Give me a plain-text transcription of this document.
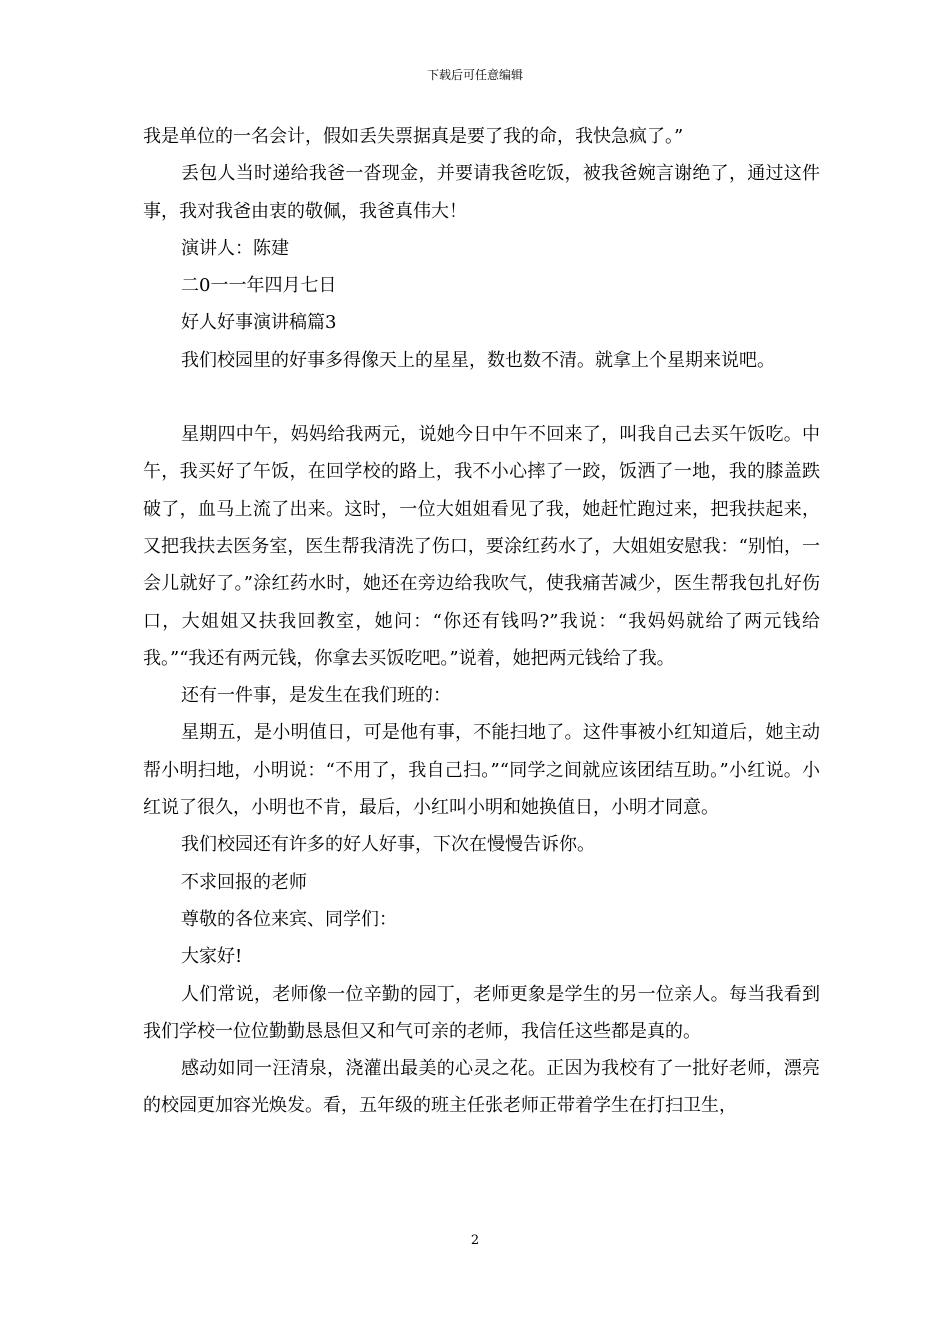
下载后可任意编辑

我是单位的一名会计，假如丢失票据真是要了我的命，我快急疯了。”

丢包人当时递给我爸一沓现金，并要请我爸吃饭，被我爸婉言谢绝了，通过这件事，我对我爸由衷的敬佩，我爸真伟大！

演讲人：陈建

二0一一年四月七日

好人好事演讲稿篇3

我们校园里的好事多得像天上的星星，数也数不清。就拿上个星期来说吧。

星期四中午，妈妈给我两元，说她今日中午不回来了，叫我自己去买午饭吃。中午，我买好了午饭，在回学校的路上，我不小心摔了一跤，饭洒了一地，我的膝盖跌破了，血马上流了出来。这时，一位大姐姐看见了我，她赶忙跑过来，把我扶起来，又把我扶去医务室，医生帮我清洗了伤口，要涂红药水了，大姐姐安慰我：“别怕，一会儿就好了。”涂红药水时，她还在旁边给我吹气，使我痛苦减少，医生帮我包扎好伤口，大姐姐又扶我回教室，她问：“你还有钱吗?”我说：“我妈妈就给了两元钱给我。”“我还有两元钱，你拿去买饭吃吧。”说着，她把两元钱给了我。

还有一件事，是发生在我们班的：

星期五，是小明值日，可是他有事，不能扫地了。这件事被小红知道后，她主动帮小明扫地，小明说：“不用了，我自己扫。”“同学之间就应该团结互助。”小红说。小红说了很久，小明也不肯，最后，小红叫小明和她换值日，小明才同意。

我们校园还有许多的好人好事，下次在慢慢告诉你。

不求回报的老师

尊敬的各位来宾、同学们：

大家好!

人们常说，老师像一位辛勤的园丁，老师更象是学生的另一位亲人。每当我看到我们学校一位位勤勤恳恳但又和气可亲的老师，我信任这些都是真的。

感动如同一汪清泉，浇灌出最美的心灵之花。正因为我校有了一批好老师，漂亮的校园更加容光焕发。看，五年级的班主任张老师正带着学生在打扫卫生，

2
